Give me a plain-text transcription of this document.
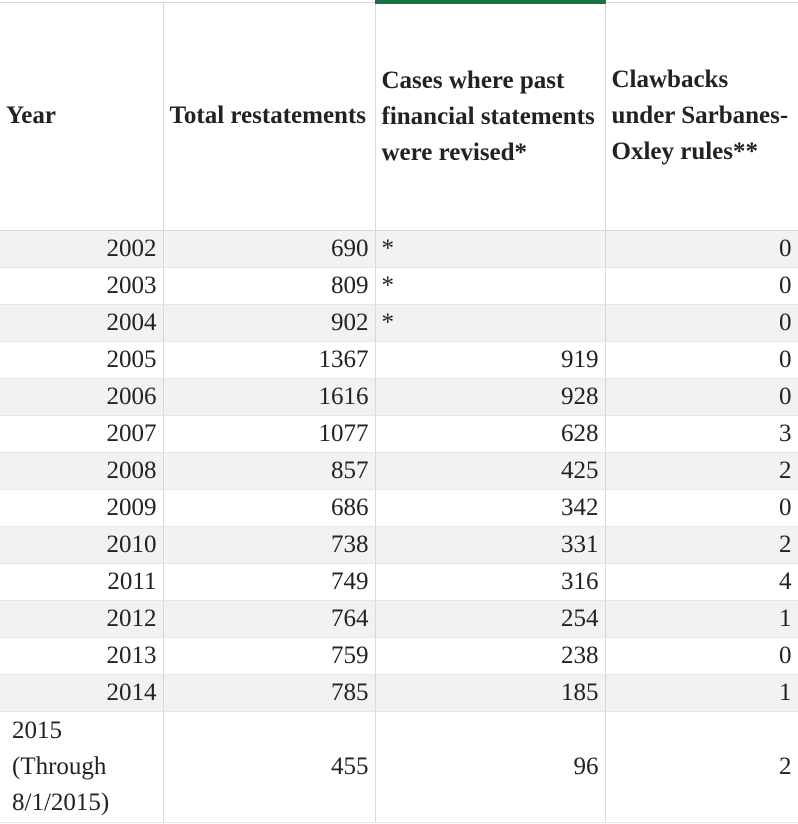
Year	Total restatements	Cases where past financial statements were revised*	Clawbacks under Sarbanes-Oxley rules**
2002	690	*	0
2003	809	*	0
2004	902	*	0
2005	1367	919	0
2006	1616	928	0
2007	1077	628	3
2008	857	425	2
2009	686	342	0
2010	738	331	2
2011	749	316	4
2012	764	254	1
2013	759	238	0
2014	785	185	1
2015 (Through 8/1/2015)	455	96	2
